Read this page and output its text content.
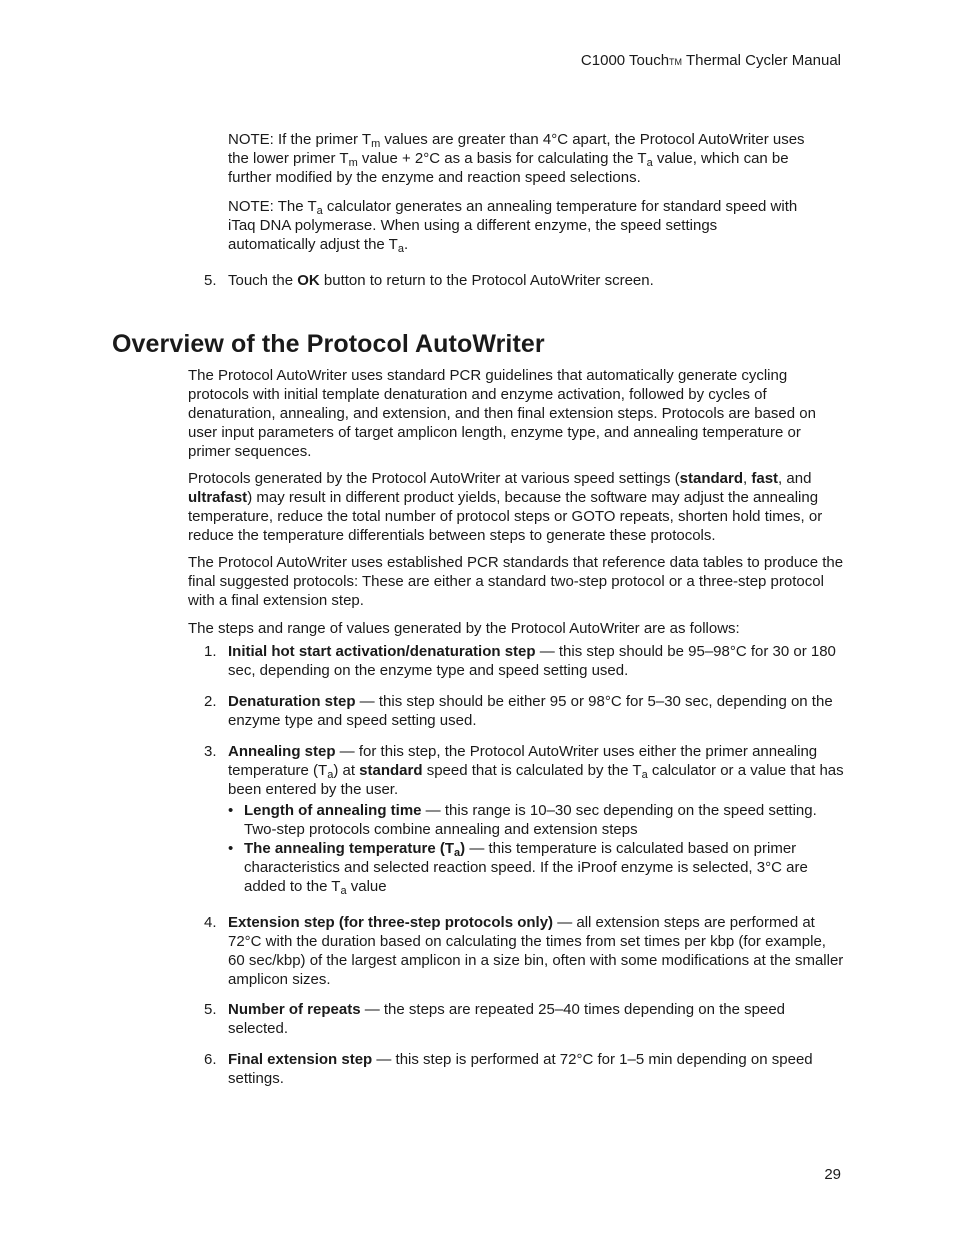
C1000 TouchTM Thermal Cycler Manual
NOTE: If the primer $T_m$ values are greater than 4°C apart, the Protocol AutoWriter uses the lower primer $T_m$ value + 2°C as a basis for calculating the $T_a$ value, which can be further modified by the enzyme and reaction speed selections.
NOTE: The $T_a$ calculator generates an annealing temperature for standard speed with iTaq DNA polymerase. When using a different enzyme, the speed settings automatically adjust the $T_a$.
5. Touch the OK button to return to the Protocol AutoWriter screen.
Overview of the Protocol AutoWriter

The Protocol AutoWriter uses standard PCR guidelines that automatically generate cycling protocols with initial template denaturation and enzyme activation, followed by cycles of denaturation, annealing, and extension, and then final extension steps. Protocols are based on user input parameters of target amplicon length, enzyme type, and annealing temperature or primer sequences.

Protocols generated by the Protocol AutoWriter at various speed settings (standard, fast, and ultrafast) may result in different product yields, because the software may adjust the annealing temperature, reduce the total number of protocol steps or GOTO repeats, shorten hold times, or reduce the temperature differentials between steps to generate these protocols.

The Protocol AutoWriter uses established PCR standards that reference data tables to produce the final suggested protocols: These are either a standard two-step protocol or a three-step protocol with a final extension step.

The steps and range of values generated by the Protocol AutoWriter are as follows:

1. Initial hot start activation/denaturation step — this step should be 95–98°C for 30 or 180 sec, depending on the enzyme type and speed setting used.
2. Denaturation step — this step should be either 95 or 98°C for 5–30 sec, depending on the enzyme type and speed setting used.
3. Annealing step — for this step, the Protocol AutoWriter uses either the primer annealing temperature $(T_a)$ at standard speed that is calculated by the $T_a$ calculator or a value that has been entered by the user.
• Length of annealing time — this range is 10–30 sec depending on the speed setting. Two-step protocols combine annealing and extension steps
• The annealing temperature $(T_a)$ — this temperature is calculated based on primer characteristics and selected reaction speed. If the iProof enzyme is selected, 3°C are added to the $T_a$ value
4. Extension step (for three-step protocols only) — all extension steps are performed at 72°C with the duration based on calculating the times from set times per kbp (for example, 60 sec/kbp) of the largest amplicon in a size bin, often with some modifications at the smaller amplicon sizes.
5. Number of repeats — the steps are repeated 25–40 times depending on the speed selected.
6. Final extension step — this step is performed at 72°C for 1–5 min depending on speed settings.
29
